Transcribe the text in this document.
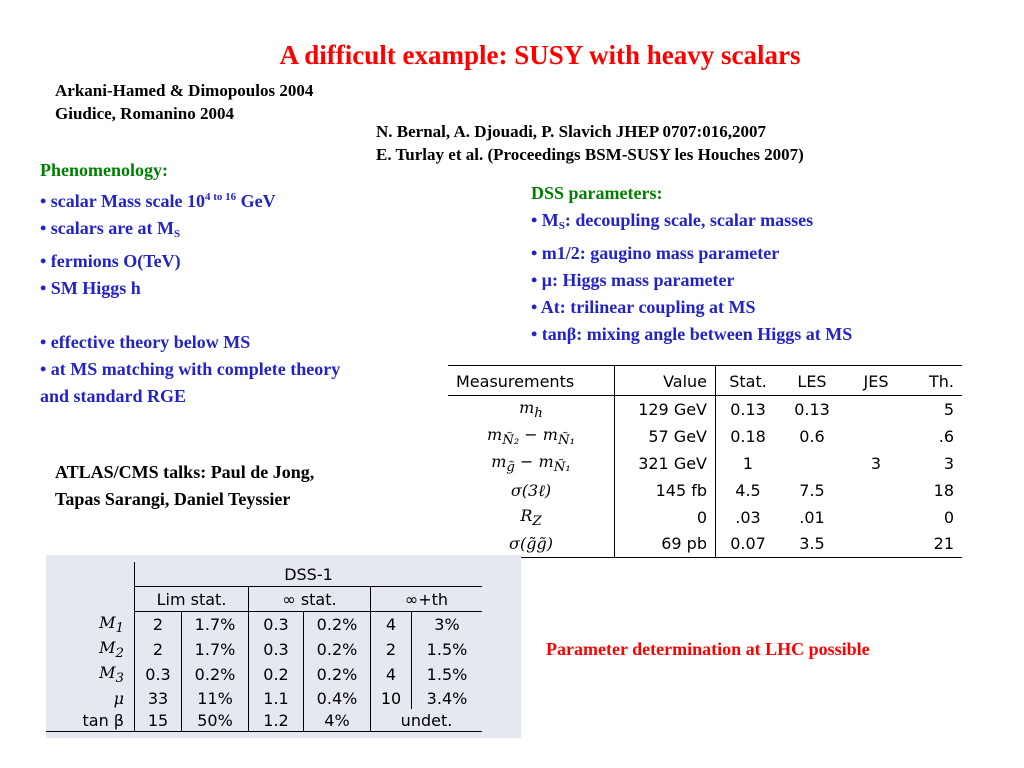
A difficult example: SUSY with heavy scalars
Arkani-Hamed & Dimopoulos 2004
Giudice, Romanino 2004
N. Bernal, A. Djouadi, P. Slavich JHEP 0707:016,2007
E. Turlay et al. (Proceedings BSM-SUSY les Houches 2007)
Phenomenology:
• scalar Mass scale $10^{4 to 16}$ GeV
• scalars are at $M_S$
• fermions O(TeV)
• SM Higgs h
• effective theory below MS
• at MS matching with complete theory
and standard RGE
ATLAS/CMS talks: Paul de Jong,
Tapas Sarangi, Daniel Teyssier
DSS parameters:
• $M_S$: decoupling scale, scalar masses
• m1/2: gaugino mass parameter
• μ: Higgs mass parameter
• At: trilinear coupling at MS
• tanβ: mixing angle between Higgs at MS
Measurements	Value	Stat.	LES	JES	Th.
$m_h$	129 GeV	0.13	0.13		5
$m_{Ñ_2} - m_{Ñ_1}$	57 GeV	0.18	0.6		.6
$m_{g̃} - m_{Ñ_1}$	321 GeV	1		3	3
σ(3ℓ)	145 fb	4.5	7.5		18
$R_Z$	0	.03	.01		0
σ(g̃g̃)	69 pb	0.07	3.5		21
	DSS-1					
	Lim stat.		∞ stat.		∞+th	
$M_1$	2	1.7%	0.3	0.2%	4	3%
$M_2$	2	1.7%	0.3	0.2%	2	1.5%
$M_3$	0.3	0.2%	0.2	0.2%	4	1.5%
μ	33	11%	1.1	0.4%	10	3.4%
tan β	15	50%	1.2	4%	undet.	
Parameter determination at LHC possible
